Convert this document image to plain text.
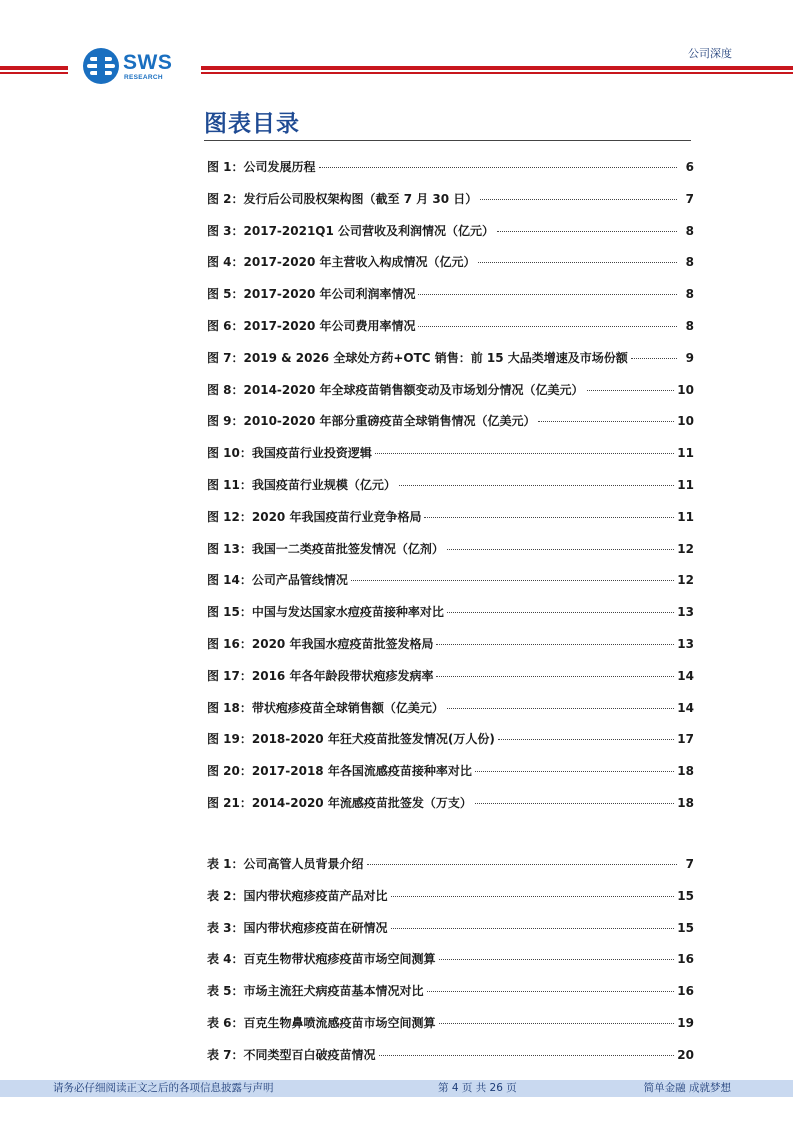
SWS
RESEARCH
公司深度
图表目录
图 1：公司发展历程	6
图 2：发行后公司股权架构图（截至 7 月 30 日）	7
图 3：2017-2021Q1 公司营收及利润情况（亿元）	8
图 4：2017-2020 年主营收入构成情况（亿元）	8
图 5：2017-2020 年公司利润率情况	8
图 6：2017-2020 年公司费用率情况	8
图 7：2019 & 2026 全球处方药+OTC 销售：前 15 大品类增速及市场份额	9
图 8：2014-2020 年全球疫苗销售额变动及市场划分情况（亿美元）	10
图 9：2010-2020 年部分重磅疫苗全球销售情况（亿美元）	10
图 10：我国疫苗行业投资逻辑	11
图 11：我国疫苗行业规模（亿元）	11
图 12：2020 年我国疫苗行业竞争格局	11
图 13：我国一二类疫苗批签发情况（亿剂）	12
图 14：公司产品管线情况	12
图 15：中国与发达国家水痘疫苗接种率对比	13
图 16：2020 年我国水痘疫苗批签发格局	13
图 17：2016 年各年龄段带状疱疹发病率	14
图 18：带状疱疹疫苗全球销售额（亿美元）	14
图 19：2018-2020 年狂犬疫苗批签发情况(万人份)	17
图 20：2017-2018 年各国流感疫苗接种率对比	18
图 21：2014-2020 年流感疫苗批签发（万支）	18
表 1：公司高管人员背景介绍	7
表 2：国内带状疱疹疫苗产品对比	15
表 3：国内带状疱疹疫苗在研情况	15
表 4：百克生物带状疱疹疫苗市场空间测算	16
表 5：市场主流狂犬病疫苗基本情况对比	16
表 6：百克生物鼻喷流感疫苗市场空间测算	19
表 7：不同类型百白破疫苗情况	20
请务必仔细阅读正文之后的各项信息披露与声明	第 4 页 共 26 页	简单金融 成就梦想
